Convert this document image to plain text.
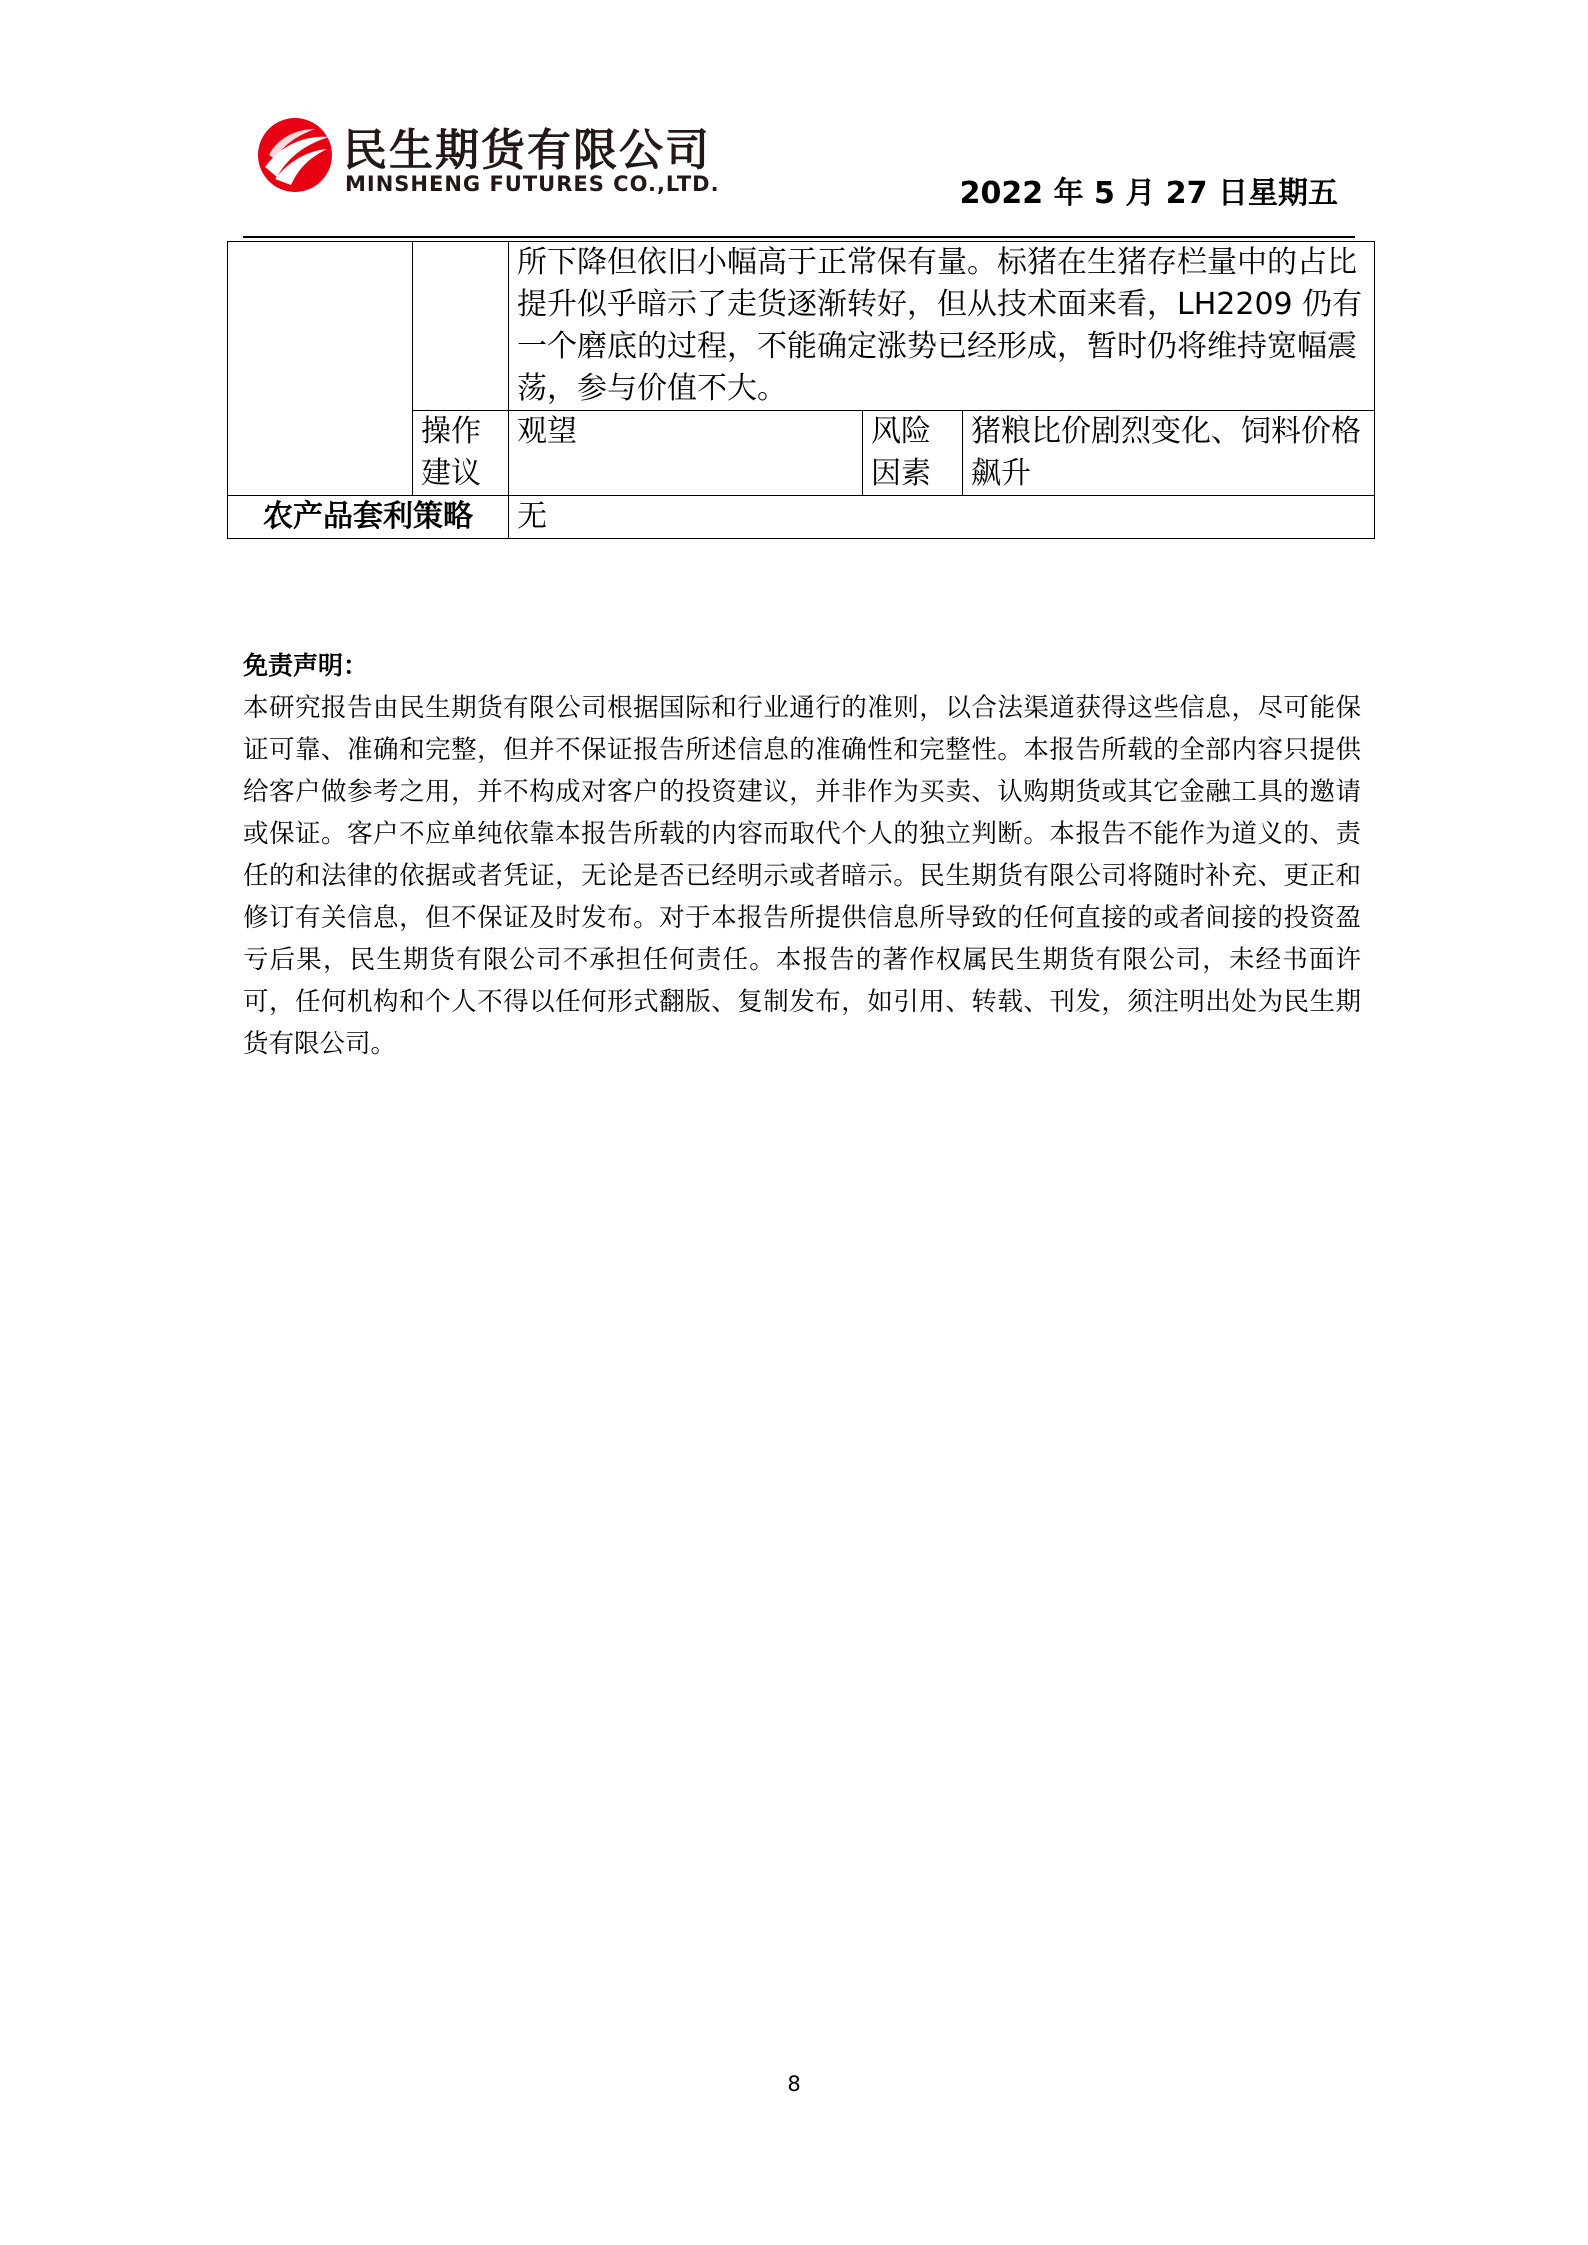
民生期货有限公司
MINSHENG FUTURES CO.,LTD.	2022 年 5 月 27 日星期五
		所下降但依旧小幅高于正常保有量。标猪在生猪存栏量中的占比提升似乎暗示了走货逐渐转好，但从技术面来看，LH2209 仍有一个磨底的过程，不能确定涨势已经形成，暂时仍将维持宽幅震荡，参与价值不大。		
	操作建议	观望	风险因素	猪粮比价剧烈变化、饲料价格飙升
农产品套利策略		无		
免责声明：

本研究报告由民生期货有限公司根据国际和行业通行的准则，以合法渠道获得这些信息，尽可能保证可靠、准确和完整，但并不保证报告所述信息的准确性和完整性。本报告所载的全部内容只提供给客户做参考之用，并不构成对客户的投资建议，并非作为买卖、认购期货或其它金融工具的邀请或保证。客户不应单纯依靠本报告所载的内容而取代个人的独立判断。本报告不能作为道义的、责任的和法律的依据或者凭证，无论是否已经明示或者暗示。民生期货有限公司将随时补充、更正和修订有关信息，但不保证及时发布。对于本报告所提供信息所导致的任何直接的或者间接的投资盈亏后果，民生期货有限公司不承担任何责任。本报告的著作权属民生期货有限公司，未经书面许可，任何机构和个人不得以任何形式翻版、复制发布，如引用、转载、刊发，须注明出处为民生期货有限公司。

8
